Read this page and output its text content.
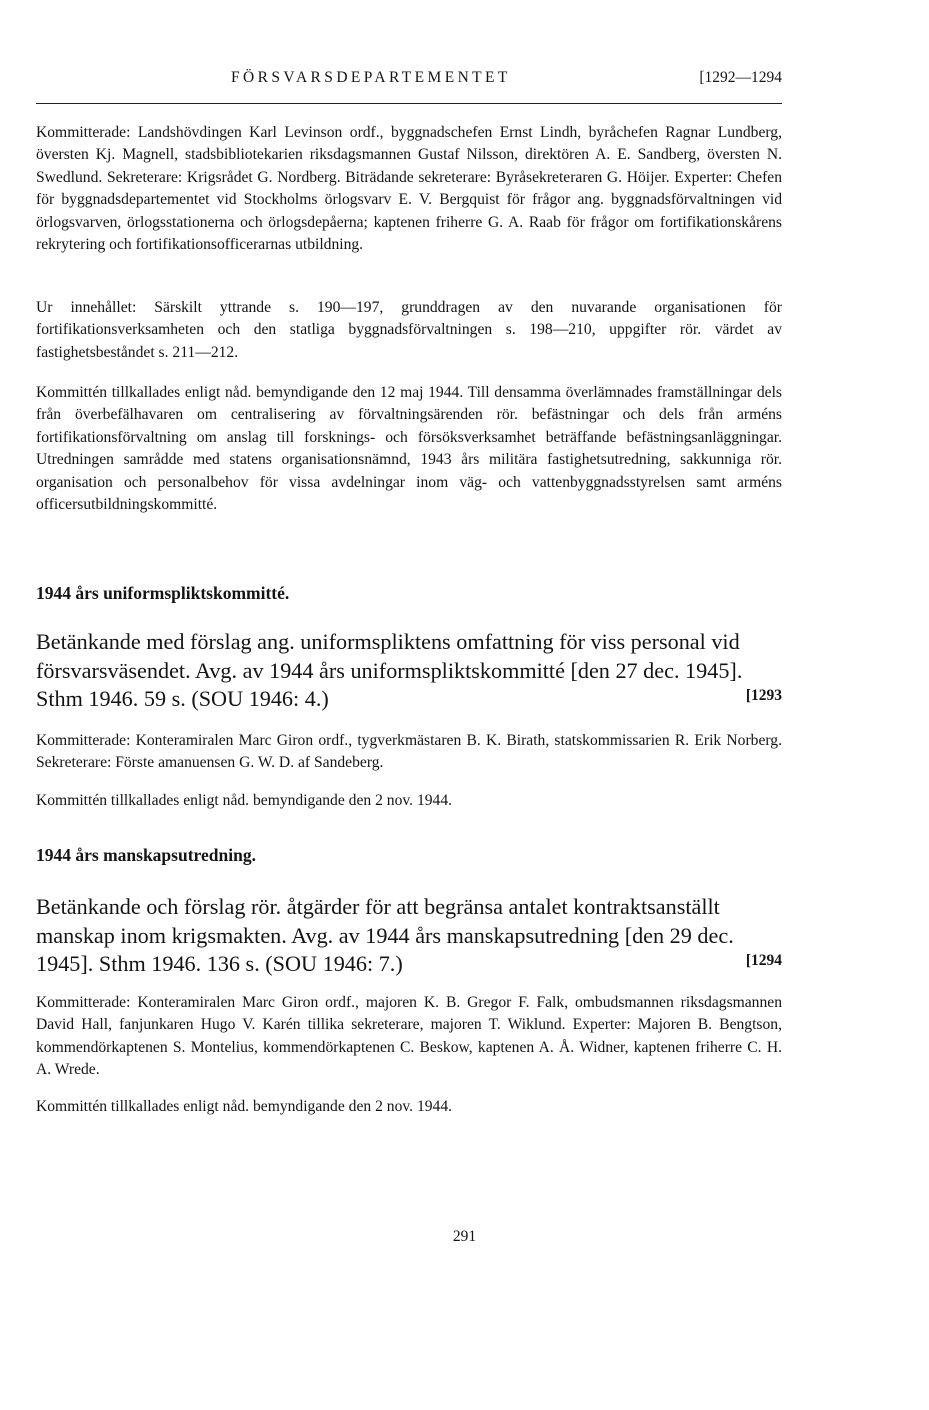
FÖRSVARSDEPARTEMENTET	[1292—1294

Kommitterade: Landshövdingen Karl Levinson ordf., byggnadschefen Ernst Lindh, byråchefen Ragnar Lundberg, översten Kj. Magnell, stadsbibliotekarien riksdagsmannen Gustaf Nilsson, direktören A. E. Sandberg, översten N. Swedlund. Sekreterare: Krigsrådet G. Nordberg. Biträdande sekreterare: Byråsekreteraren G. Höijer. Experter: Chefen för byggnadsdepartementet vid Stockholms örlogsvarv E. V. Bergquist för frågor ang. byggnadsförvaltningen vid örlogsvarven, örlogsstationerna och örlogsdepåerna; kaptenen friherre G. A. Raab för frågor om fortifikationskårens rekrytering och fortifikationsofficerarnas utbildning.

Ur innehållet: Särskilt yttrande s. 190—197, grunddragen av den nuvarande organisationen för fortifikationsverksamheten och den statliga byggnadsförvaltningen s. 198—210, uppgifter rör. värdet av fastighetsbeståndet s. 211—212.

Kommittén tillkallades enligt nåd. bemyndigande den 12 maj 1944. Till densamma överlämnades framställningar dels från överbefälhavaren om centralisering av förvaltningsärenden rör. befästningar och dels från arméns fortifikationsförvaltning om anslag till forsknings- och försöksverksamhet beträffande befästningsanläggningar. Utredningen samrådde med statens organisationsnämnd, 1943 års militära fastighetsutredning, sakkunniga rör. organisation och personalbehov för vissa avdelningar inom väg- och vattenbyggnadsstyrelsen samt arméns officersutbildningskommitté.

1944 års uniformspliktskommitté.
Betänkande med förslag ang. uniformspliktens omfattning för viss personal vid försvarsväsendet. Avg. av 1944 års uniformspliktskommitté [den 27 dec. 1945]. Sthm 1946. 59 s. (SOU 1946: 4.)	[1293

Kommitterade: Konteramiralen Marc Giron ordf., tygverkmästaren B. K. Birath, statskommissarien R. Erik Norberg. Sekreterare: Förste amanuensen G. W. D. af Sandeberg.

Kommittén tillkallades enligt nåd. bemyndigande den 2 nov. 1944.

1944 års manskapsutredning.
Betänkande och förslag rör. åtgärder för att begränsa antalet kontraktsanställt manskap inom krigsmakten. Avg. av 1944 års manskapsutredning [den 29 dec. 1945]. Sthm 1946. 136 s. (SOU 1946: 7.)	[1294

Kommitterade: Konteramiralen Marc Giron ordf., majoren K. B. Gregor F. Falk, ombudsmannen riksdagsmannen David Hall, fanjunkaren Hugo V. Karén tillika sekreterare, majoren T. Wiklund. Experter: Majoren B. Bengtson, kommendörkaptenen S. Montelius, kommendörkaptenen C. Beskow, kaptenen A. Å. Widner, kaptenen friherre C. H. A. Wrede.

Kommittén tillkallades enligt nåd. bemyndigande den 2 nov. 1944.

291
